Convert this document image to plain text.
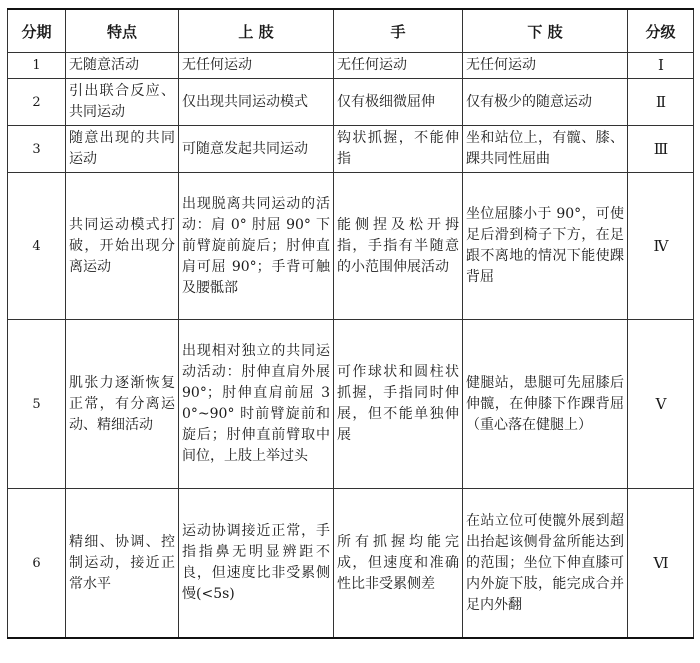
分期	特点	上 肢	手	下 肢	分级
1	无随意活动	无任何运动	无任何运动	无任何运动	Ⅰ
2	引出联合反应、共同运动	仅出现共同运动模式	仅有极细微屈伸	仅有极少的随意运动	Ⅱ
3	随意出现的共同运动	可随意发起共同运动	钩状抓握，不能伸指	坐和站位上，有髋、膝、踝共同性屈曲	Ⅲ
4	共同运动模式打破，开始出现分离运动	出现脱离共同运动的活动：肩 0° 肘屈 90° 下前臂旋前旋后；肘伸直肩可屈 90°；手背可触及腰骶部	能侧捏及松开拇指，手指有半随意的小范围伸展活动	坐位屈膝小于 90°，可使足后滑到椅子下方，在足跟不离地的情况下能使踝背屈	Ⅳ
5	肌张力逐渐恢复正常，有分离运动、精细活动	出现相对独立的共同运动活动：肘伸直肩外展 90°；肘伸直肩前屈 30°~90° 时前臂旋前和旋后；肘伸直前臂取中间位，上肢上举过头	可作球状和圆柱状抓握，手指同时伸展，但不能单独伸展	健腿站，患腿可先屈膝后伸髋，在伸膝下作踝背屈（重心落在健腿上）	Ⅴ
6	精细、协调、控制运动，接近正常水平	运动协调接近正常，手指指鼻无明显辨距不良，但速度比非受累侧慢(<5s)	所有抓握均能完成，但速度和准确性比非受累侧差	在站立位可使髋外展到超出抬起该侧骨盆所能达到的范围；坐位下伸直膝可内外旋下肢，能完成合并足内外翻	Ⅵ
